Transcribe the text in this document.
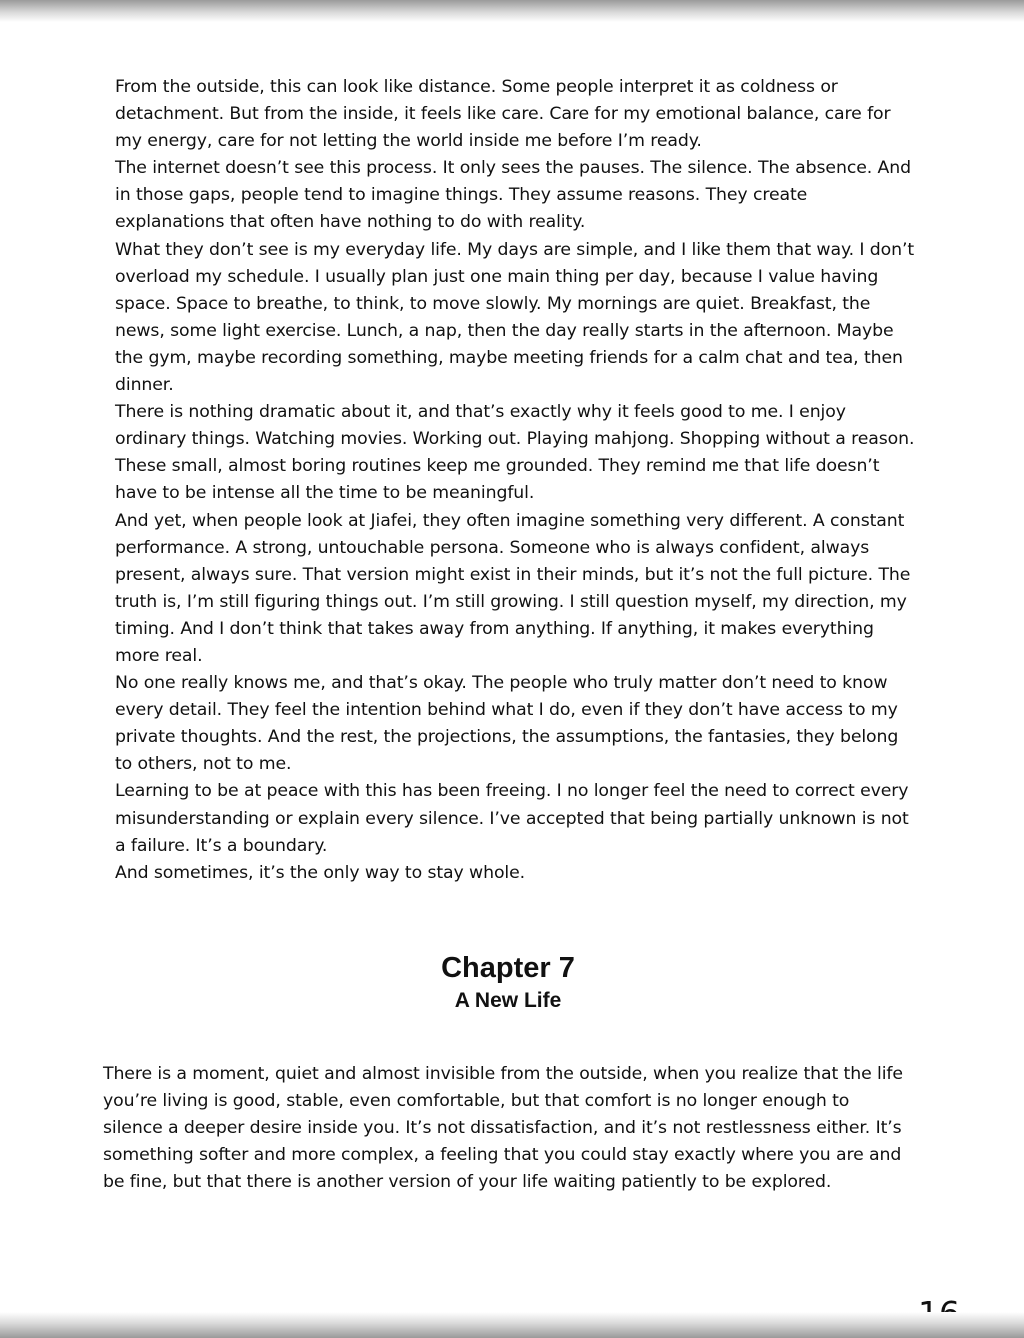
From the outside, this can look like distance. Some people interpret it as coldness or detachment. But from the inside, it feels like care. Care for my emotional balance, care for my energy, care for not letting the world inside me before I’m ready.

The internet doesn’t see this process. It only sees the pauses. The silence. The absence. And in those gaps, people tend to imagine things. They assume reasons. They create explanations that often have nothing to do with reality.

What they don’t see is my everyday life. My days are simple, and I like them that way. I don’t overload my schedule. I usually plan just one main thing per day, because I value having space. Space to breathe, to think, to move slowly. My mornings are quiet. Breakfast, the news, some light exercise. Lunch, a nap, then the day really starts in the afternoon. Maybe the gym, maybe recording something, maybe meeting friends for a calm chat and tea, then dinner.

There is nothing dramatic about it, and that’s exactly why it feels good to me. I enjoy ordinary things. Watching movies. Working out. Playing mahjong. Shopping without a reason. These small, almost boring routines keep me grounded. They remind me that life doesn’t have to be intense all the time to be meaningful.

And yet, when people look at Jiafei, they often imagine something very different. A constant performance. A strong, untouchable persona. Someone who is always confident, always present, always sure. That version might exist in their minds, but it’s not the full picture. The truth is, I’m still figuring things out. I’m still growing. I still question myself, my direction, my timing. And I don’t think that takes away from anything. If anything, it makes everything more real.

No one really knows me, and that’s okay. The people who truly matter don’t need to know every detail. They feel the intention behind what I do, even if they don’t have access to my private thoughts. And the rest, the projections, the assumptions, the fantasies, they belong to others, not to me.

Learning to be at peace with this has been freeing. I no longer feel the need to correct every misunderstanding or explain every silence. I’ve accepted that being partially unknown is not a failure. It’s a boundary.

And sometimes, it’s the only way to stay whole.

Chapter 7
A New Life

There is a moment, quiet and almost invisible from the outside, when you realize that the life you’re living is good, stable, even comfortable, but that comfort is no longer enough to silence a deeper desire inside you. It’s not dissatisfaction, and it’s not restlessness either. It’s something softer and more complex, a feeling that you could stay exactly where you are and be fine, but that there is another version of your life waiting patiently to be explored.
